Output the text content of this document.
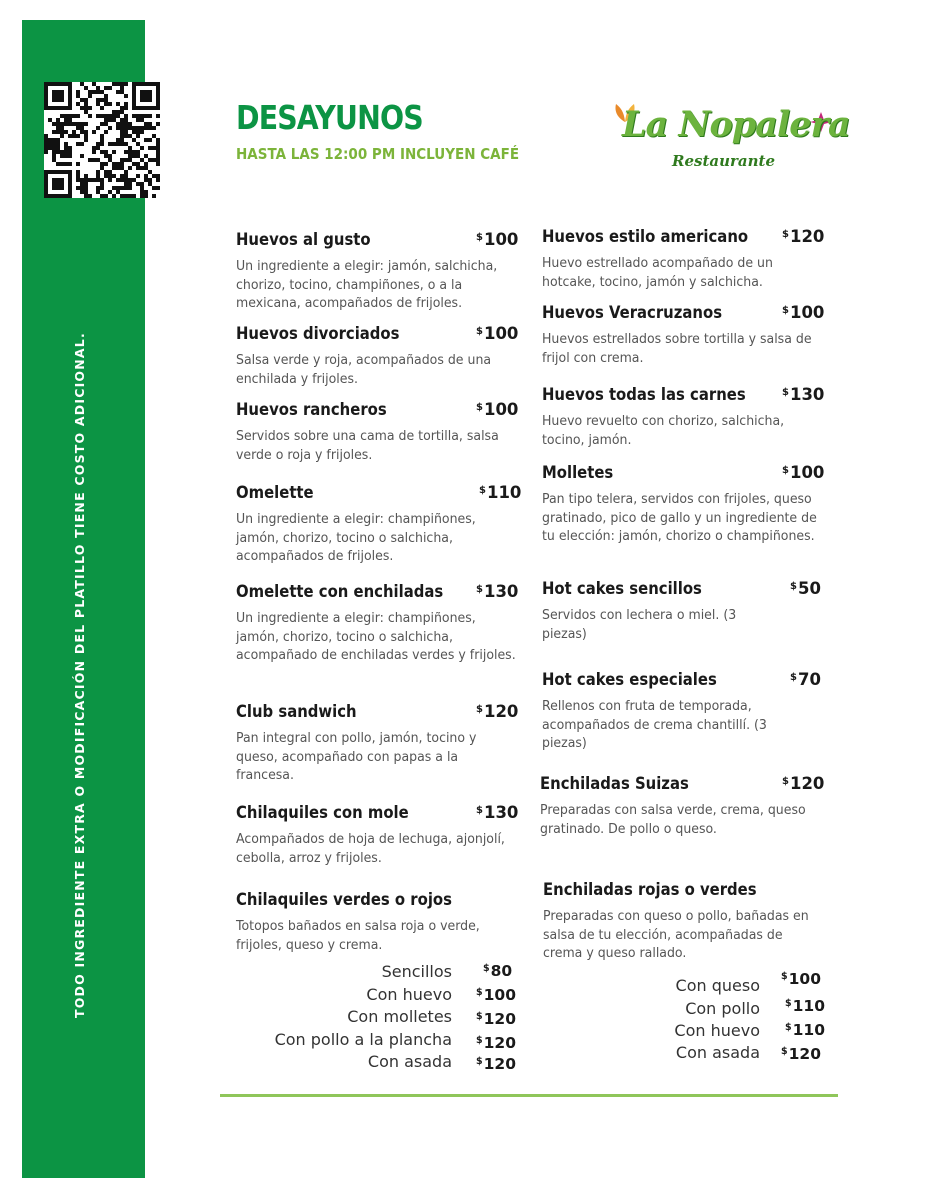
TODO INGREDIENTE EXTRA O MODIFICACIÓN DEL PLATILLO TIENE COSTO ADICIONAL.
DESAYUNOS
HASTA LAS 12:00 PM INCLUYEN CAFÉ
La Nopalera
Restaurante
Huevos al gusto	$100
Un ingrediente a elegir: jamón, salchicha, chorizo, tocino, champiñones, o a la mexicana, acompañados de frijoles.
Huevos divorciados	$100
Salsa verde y roja, acompañados de una enchilada y frijoles.
Huevos rancheros	$100
Servidos sobre una cama de tortilla, salsa verde o roja y frijoles.
Omelette	$110
Un ingrediente a elegir: champiñones, jamón, chorizo, tocino o salchicha, acompañados de frijoles.
Omelette con enchiladas	$130
Un ingrediente a elegir: champiñones, jamón, chorizo, tocino o salchicha, acompañado de enchiladas verdes y frijoles.
Club sandwich	$120
Pan integral con pollo, jamón, tocino y queso, acompañado con papas a la francesa.
Chilaquiles con mole	$130
Acompañados de hoja de lechuga, ajonjolí, cebolla, arroz y frijoles.
Chilaquiles verdes o rojos
Totopos bañados en salsa roja o verde, frijoles, queso y crema.
Sencillos	$80
Con huevo	$100
Con molletes	$120
Con pollo a la plancha	$120
Con asada	$120
Huevos estilo americano	$120
Huevo estrellado acompañado de un hotcake, tocino, jamón y salchicha.
Huevos Veracruzanos	$100
Huevos estrellados sobre tortilla y salsa de frijol con crema.
Huevos todas las carnes	$130
Huevo revuelto con chorizo, salchicha, tocino, jamón.
Molletes	$100
Pan tipo telera, servidos con frijoles, queso gratinado, pico de gallo y un ingrediente de tu elección: jamón, chorizo o champiñones.
Hot cakes sencillos	$50
Servidos con lechera o miel. (3 piezas)
Hot cakes especiales	$70
Rellenos con fruta de temporada, acompañados de crema chantillí. (3 piezas)
Enchiladas Suizas	$120
Preparadas con salsa verde, crema, queso gratinado. De pollo o queso.
Enchiladas rojas o verdes
Preparadas con queso o pollo, bañadas en salsa de tu elección, acompañadas de crema y queso rallado.
Con queso $100
Con pollo	$110
Con huevo	$110
Con asada $120
